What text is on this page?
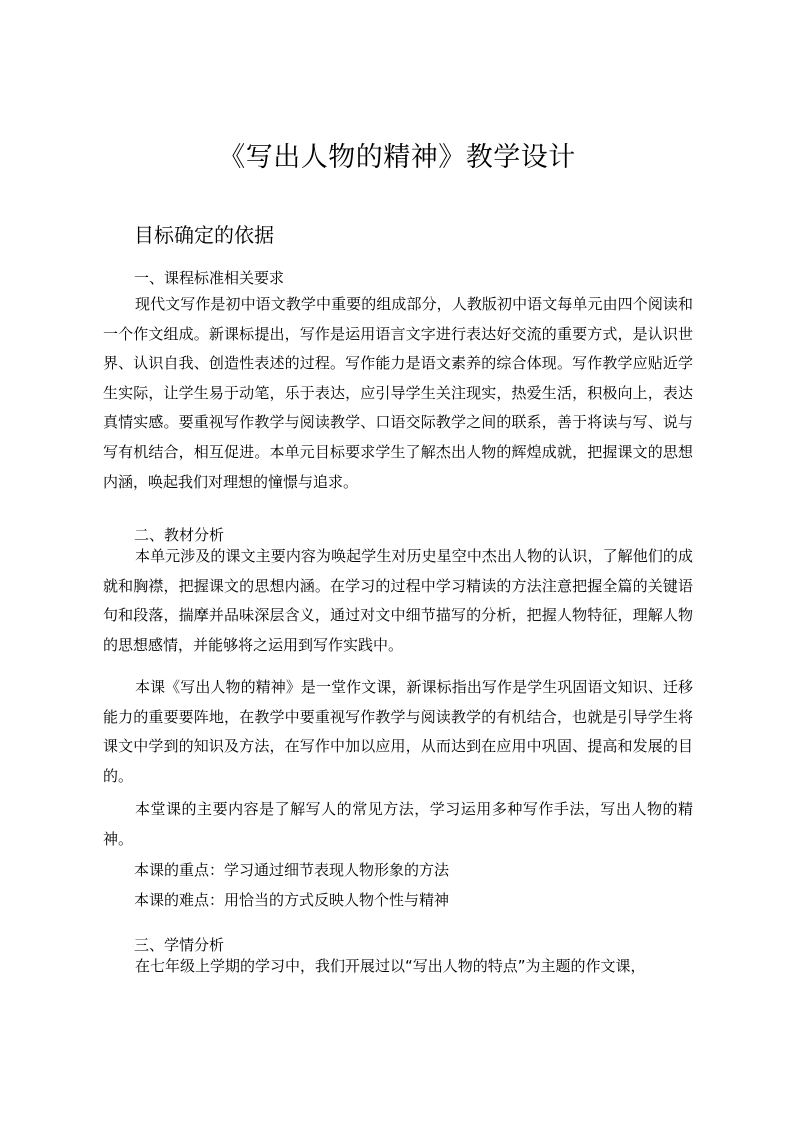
《写出人物的精神》教学设计
目标确定的依据
一、课程标准相关要求

现代文写作是初中语文教学中重要的组成部分，人教版初中语文每单元由四个阅读和一个作文组成。新课标提出，写作是运用语言文字进行表达好交流的重要方式，是认识世界、认识自我、创造性表述的过程。写作能力是语文素养的综合体现。写作教学应贴近学生实际，让学生易于动笔，乐于表达，应引导学生关注现实，热爱生活，积极向上，表达真情实感。要重视写作教学与阅读教学、口语交际教学之间的联系，善于将读与写、说与写有机结合，相互促进。本单元目标要求学生了解杰出人物的辉煌成就，把握课文的思想内涵，唤起我们对理想的憧憬与追求。

二、教材分析

本单元涉及的课文主要内容为唤起学生对历史星空中杰出人物的认识，了解他们的成就和胸襟，把握课文的思想内涵。在学习的过程中学习精读的方法注意把握全篇的关键语句和段落，揣摩并品味深层含义，通过对文中细节描写的分析，把握人物特征，理解人物的思想感情，并能够将之运用到写作实践中。

本课《写出人物的精神》是一堂作文课，新课标指出写作是学生巩固语文知识、迁移能力的重要要阵地，在教学中要重视写作教学与阅读教学的有机结合，也就是引导学生将课文中学到的知识及方法，在写作中加以应用，从而达到在应用中巩固、提高和发展的目的。

本堂课的主要内容是了解写人的常见方法，学习运用多种写作手法，写出人物的精神。

本课的重点：学习通过细节表现人物形象的方法
本课的难点：用恰当的方式反映人物个性与精神
三、学情分析

在七年级上学期的学习中，我们开展过以“写出人物的特点”为主题的作文课，
